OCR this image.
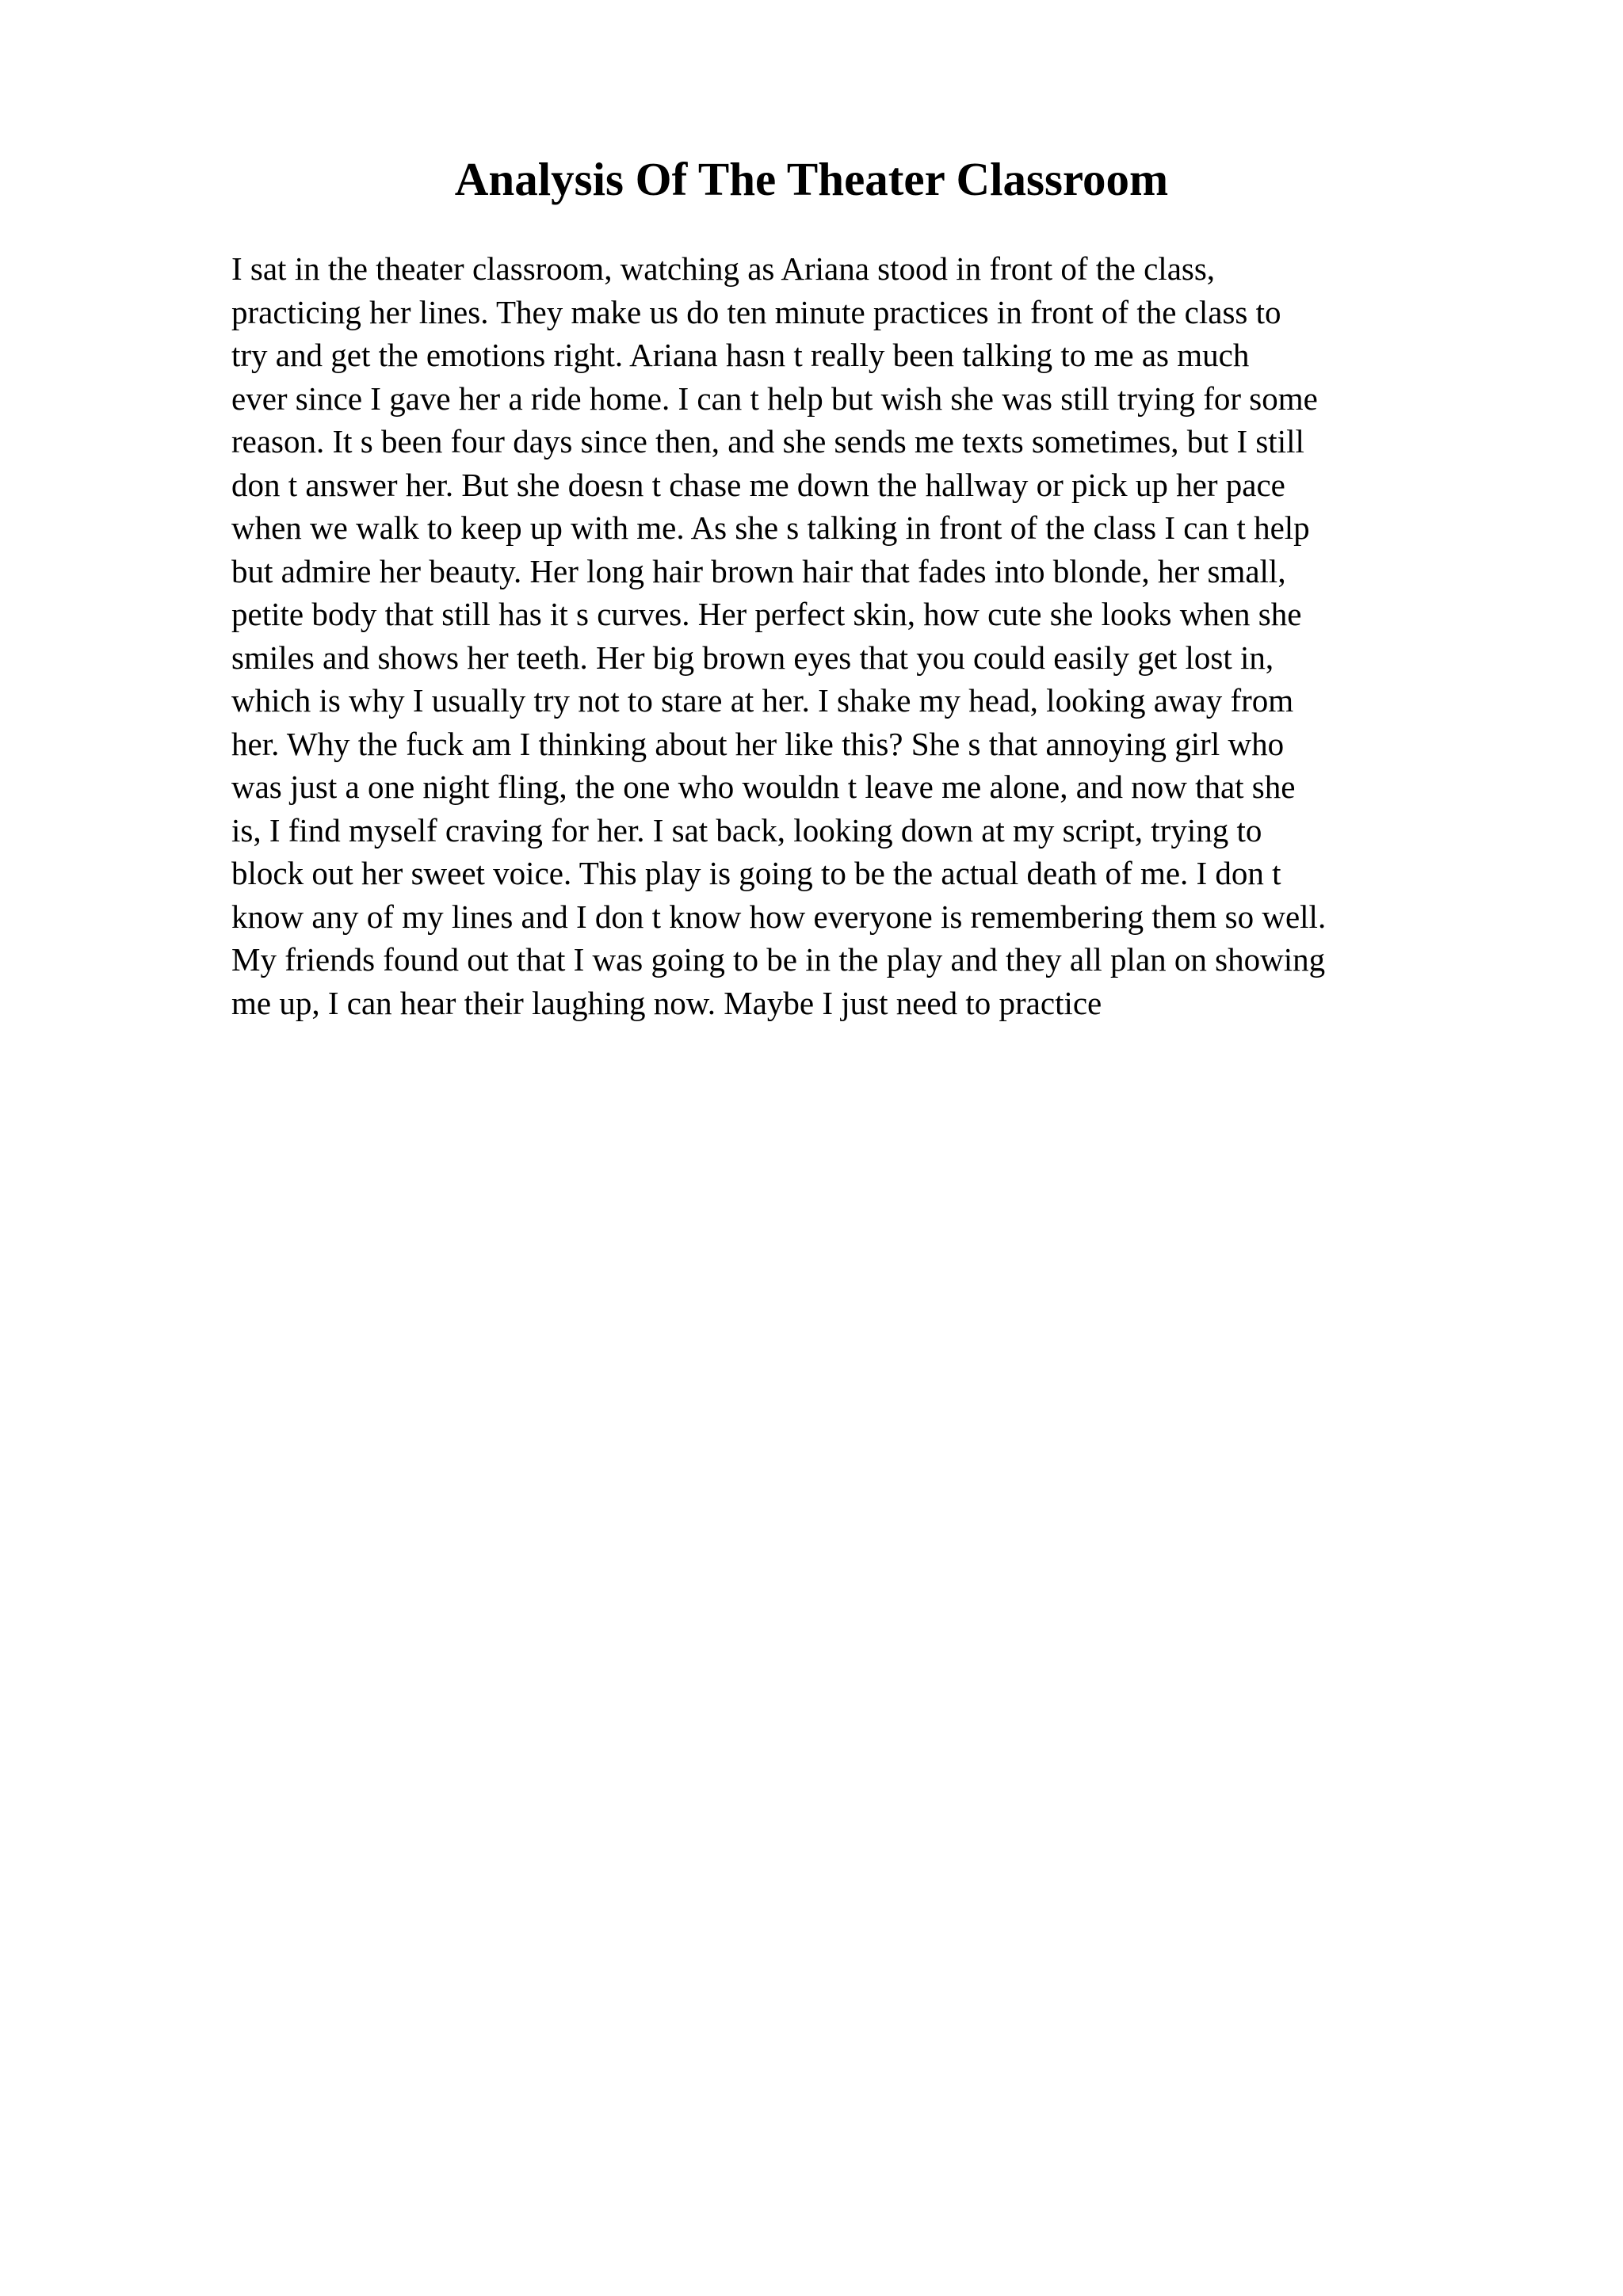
Analysis Of The Theater Classroom
I sat in the theater classroom, watching as Ariana stood in front of the class,
practicing her lines. They make us do ten minute practices in front of the class to
try and get the emotions right. Ariana hasn t really been talking to me as much
ever since I gave her a ride home. I can t help but wish she was still trying for some
reason. It s been four days since then, and she sends me texts sometimes, but I still
don t answer her. But she doesn t chase me down the hallway or pick up her pace
when we walk to keep up with me. As she s talking in front of the class I can t help
but admire her beauty. Her long hair brown hair that fades into blonde, her small,
petite body that still has it s curves. Her perfect skin, how cute she looks when she
smiles and shows her teeth. Her big brown eyes that you could easily get lost in,
which is why I usually try not to stare at her. I shake my head, looking away from
her. Why the fuck am I thinking about her like this? She s that annoying girl who
was just a one night fling, the one who wouldn t leave me alone, and now that she
is, I find myself craving for her. I sat back, looking down at my script, trying to
block out her sweet voice. This play is going to be the actual death of me. I don t
know any of my lines and I don t know how everyone is remembering them so well.
My friends found out that I was going to be in the play and they all plan on showing
me up, I can hear their laughing now. Maybe I just need to practice
